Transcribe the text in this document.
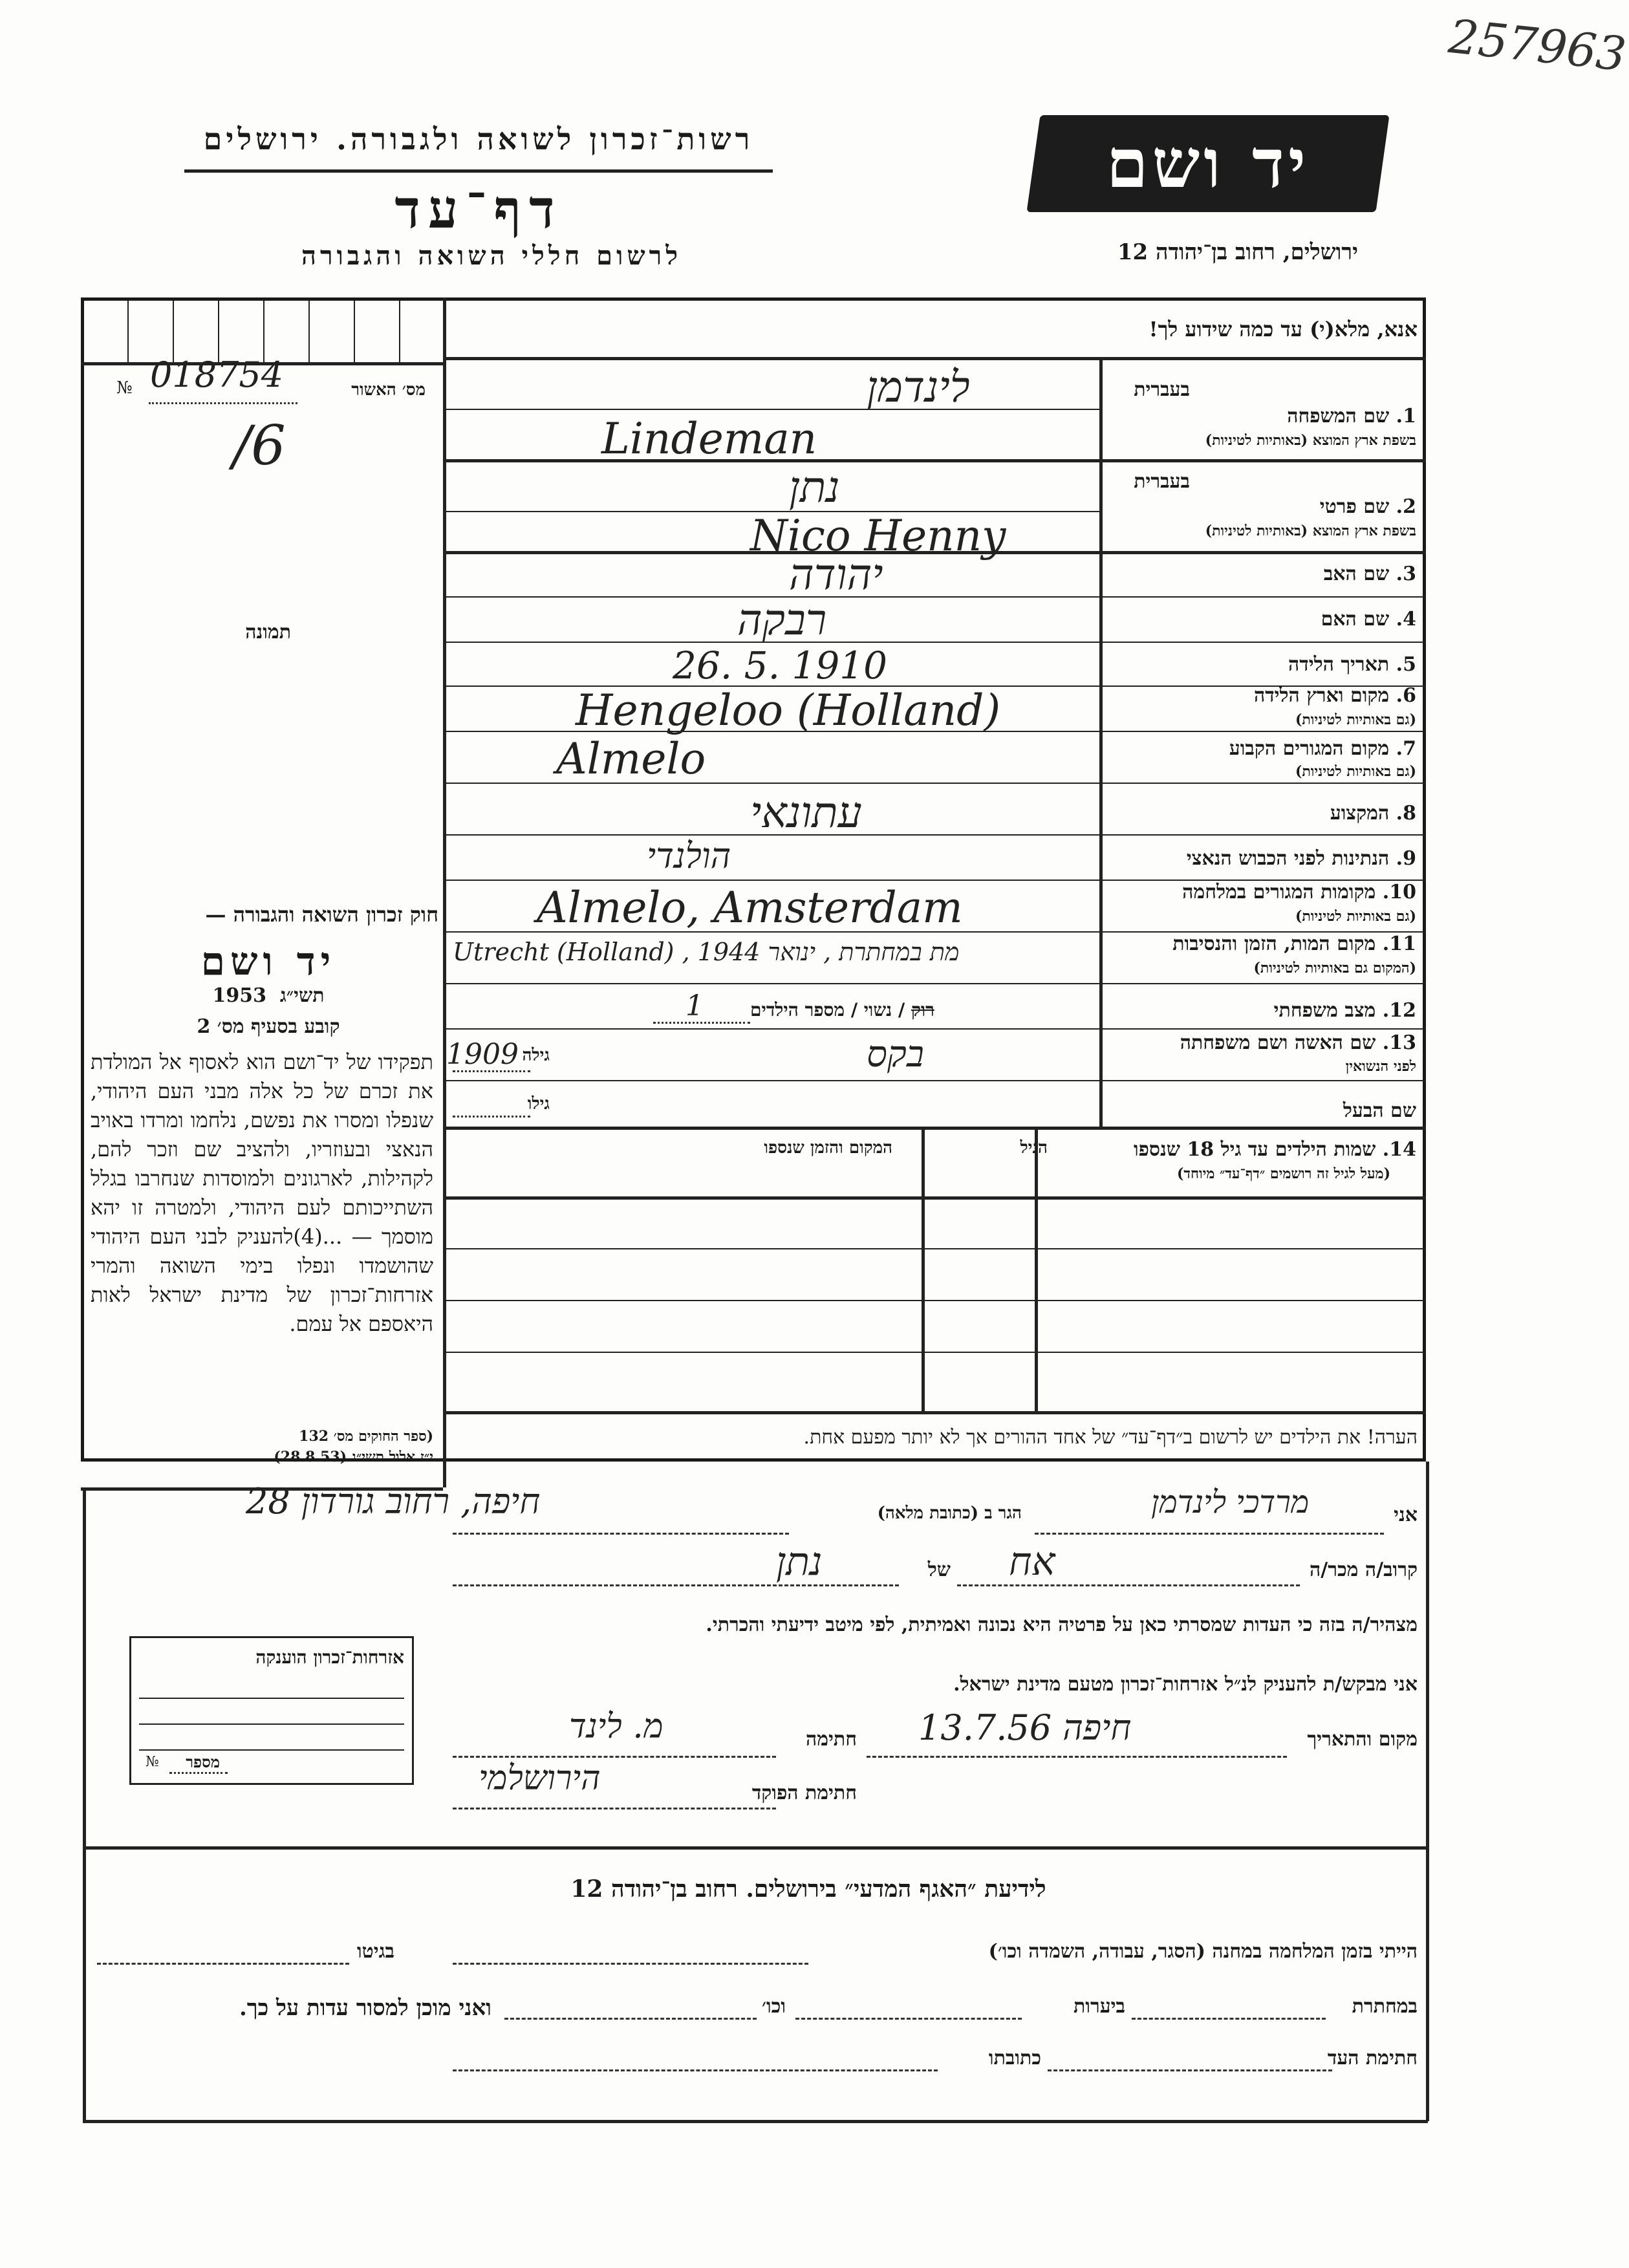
257963
רשות־זכרון לשואה ולגבורה. ירושלים
דף־עד
לרשום חללי השואה והגבורה
יד ושם
ירושלים, רחוב בן־יהודה 12
אנא, מלא(י) עד כמה שידוע לך!
№ 018754	מס׳ האשור
/6
תמונה
חוק זכרון השואה והגבורה —
יד ושם
תשי״ג  1953
קובע בסעיף מס׳ 2
תפקידו של יד־ושם הוא לאסוף אל המולדת את זכרם של כל אלה מבני העם היהודי, שנפלו ומסרו את נפשם, נלחמו ומרדו באויב הנאצי ובעוזריו, ולהציב שם וזכר להם, לקהילות, לארגונים ולמוסדות שנחרבו בגלל השתייכותם לעם היהודי, ולמטרה זו יהא מוסמך — ...(4)להעניק לבני העם היהודי שהושמדו ונפלו בימי השואה והמרי אזרחות־זכרון של מדינת ישראל לאות היאספם אל עמם.
(ספר החוקים מס׳ 132
י״ז אלול תשי״ג (28.8.53)
בעברית
1. שם המשפחה
בשפת ארץ המוצא (באותיות לטיניות)
לינדמן
Lindeman
בעברית
2. שם פרטי
בשפת ארץ המוצא (באותיות לטיניות)
נתן
Nico Henny
3. שם האב
יהודה
4. שם האם
רבקה
5. תאריך הלידה
26. 5. 1910
6. מקום וארץ הלידה
(גם באותיות לטיניות)
Hengeloo (Holland)
7. מקום המגורים הקבוע
(גם באותיות לטיניות)
Almelo
8. המקצוע
עתונאי
9. הנתינות לפני הכבוש הנאצי
הולנדי
10. מקומות המגורים במלחמה
(גם באותיות לטיניות)
Almelo, Amsterdam
11. מקום המות, הזמן והנסיבות
(המקום גם באותיות לטיניות)
מת במחתרת , ינואר 1944 , Utrecht (Holland)
12. מצב משפחתי
רוק / נשוי / מספר הילדים
1
13. שם האשה ושם משפחתה
לפני הנשואין
גילה	בקס
1909
שם הבעל
גילו
14. שמות הילדים עד גיל 18 שנספו
(מעל לגיל זה רושמים ״דף־עד״ מיוחד)
הגיל
המקום והזמן שנספו
הערה! את הילדים יש לרשום ב״דף־עד״ של אחד ההורים אך לא יותר מפעם אחת.
אני
מרדכי לינדמן
הגר ב (כתובת מלאה)
חיפה, רחוב גורדון 28
קרוב/ה מכר/ה
אח
של
נתן
מצהיר/ה בזה כי העדות שמסרתי כאן על פרטיה היא נכונה ואמיתית, לפי מיטב ידיעתי והכרתי.
אני מבקש/ת להעניק לנ״ל אזרחות־זכרון מטעם מדינת ישראל.
מקום והתאריך
חיפה 13.7.56
חתימה
מ. לינד
חתימת הפוקד
הירושלמי
אזרחות־זכרון הוענקה
№ מספר
לידיעת ״האגף המדעי״ בירושלים. רחוב בן־יהודה 12
הייתי בזמן המלחמה במחנה (הסגר, עבודה, השמדה וכו׳)
בגיטו
במחתרת
ביערות
וכו׳
ואני מוכן למסור עדות על כך.
חתימת העד
כתובתו
